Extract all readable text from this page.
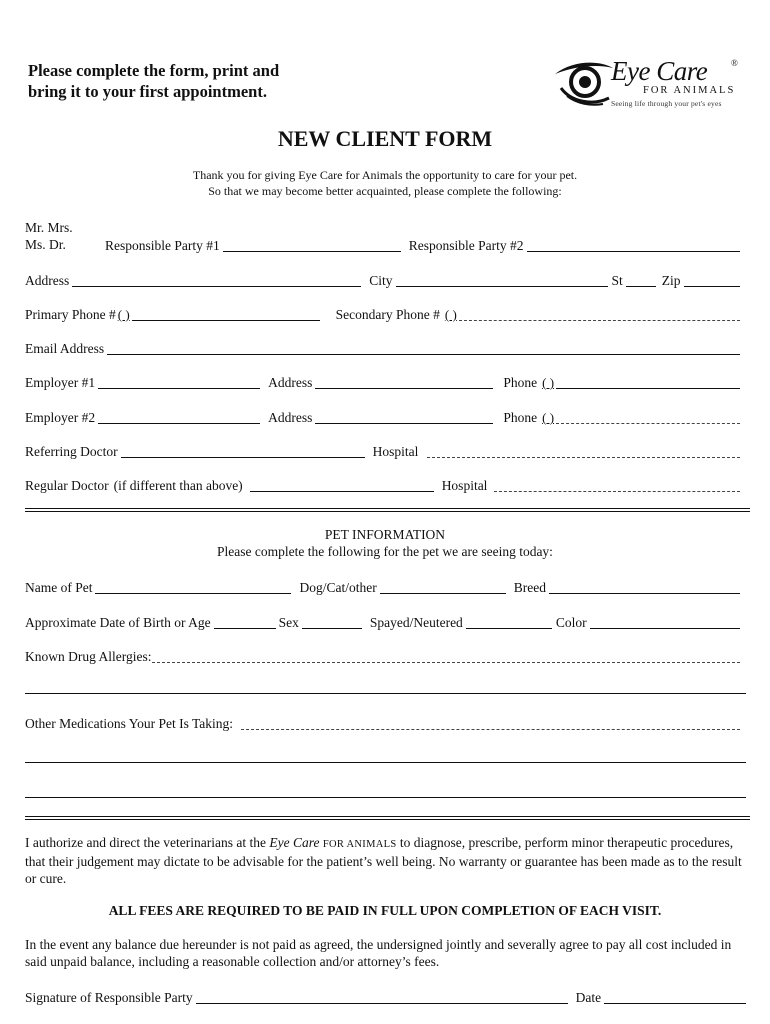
Please complete the form, print and
bring it to your first appointment.
Eye Care	®
FOR ANIMALS
Seeing life through your pet's eyes
NEW CLIENT FORM
Thank you for giving Eye Care for Animals the opportunity to care for your pet.
So that we may become better acquainted, please complete the following:
Mr. Mrs.
Ms. Dr.	Responsible Party #1	Responsible Party #2
Address	City	St	Zip
Primary Phone # ( )	Secondary Phone # ( )
Email Address
Employer #1	Address	Phone ( )
Employer #2	Address	Phone ( )
Referring Doctor	Hospital
Regular Doctor (if different than above)	Hospital
PET INFORMATION
Please complete the following for the pet we are seeing today:
Name of Pet	Dog/Cat/other	Breed
Approximate Date of Birth or Age	Sex	Spayed/Neutered	Color
Known Drug Allergies:
Other Medications Your Pet Is Taking:
I authorize and direct the veterinarians at the Eye Care FOR ANIMALS to diagnose, prescribe, perform minor therapeutic procedures, that their judgement may dictate to be advisable for the patient’s well being. No warranty or guarantee has been made as to the result or cure.
ALL FEES ARE REQUIRED TO BE PAID IN FULL UPON COMPLETION OF EACH VISIT.
In the event any balance due hereunder is not paid as agreed, the undersigned jointly and severally agree to pay all cost included in said unpaid balance, including a reasonable collection and/or attorney’s fees.
Signature of Responsible Party	Date
